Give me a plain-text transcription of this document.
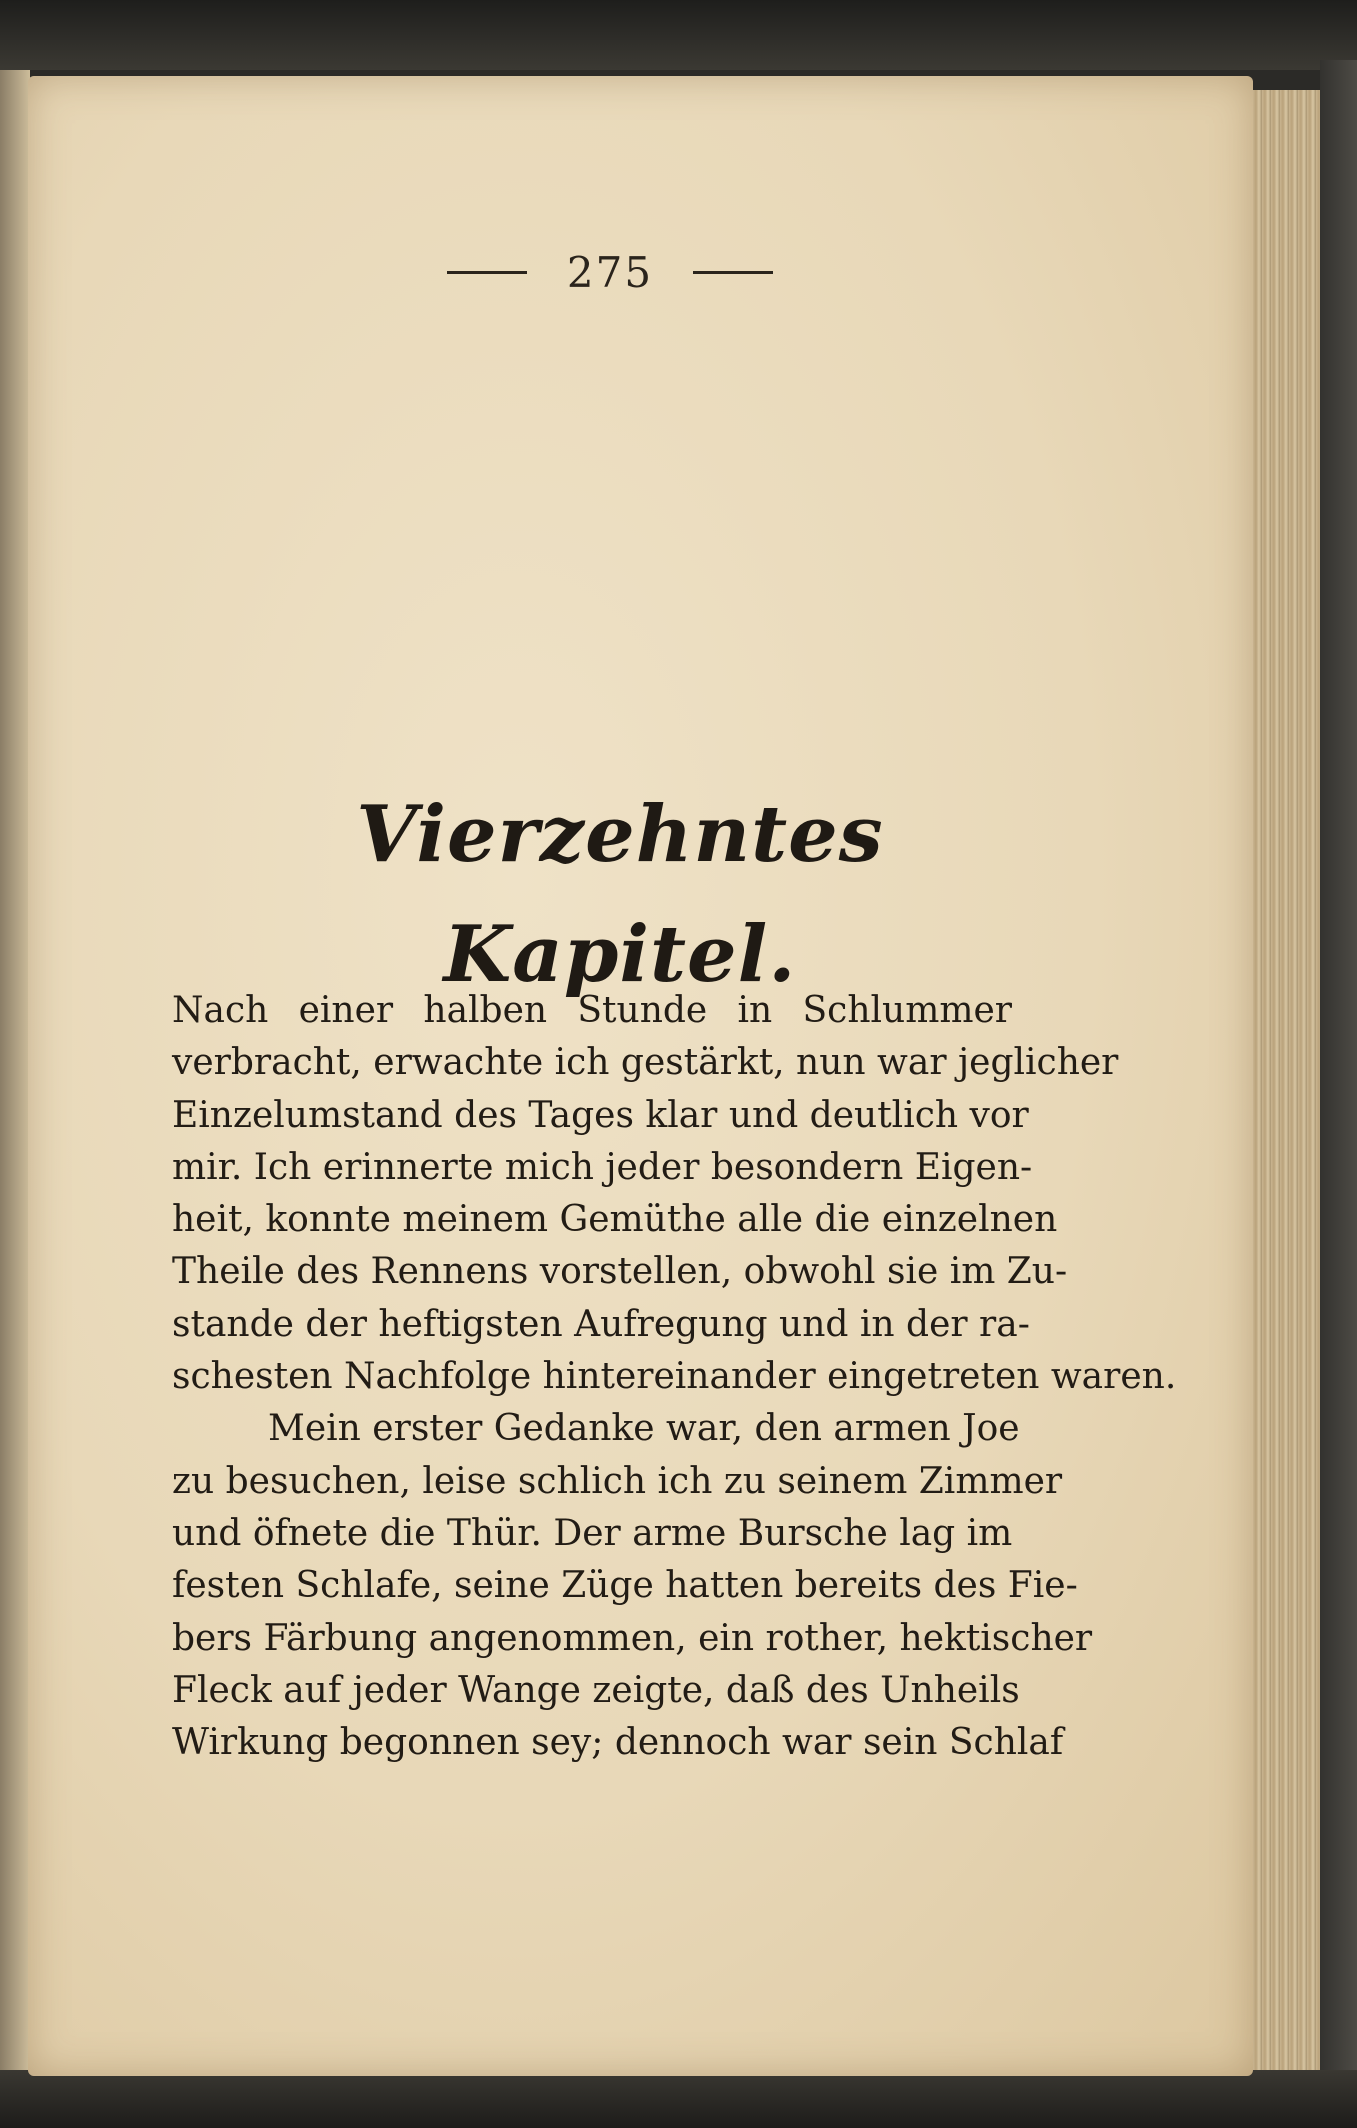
275
Vierzehntes Kapitel.
Nach einer halben Stunde in Schlummer
verbracht, erwachte ich gestärkt, nun war jeglicher
Einzelumstand des Tages klar und deutlich vor
mir. Ich erinnerte mich jeder besondern Eigen-
heit, konnte meinem Gemüthe alle die einzelnen
Theile des Rennens vorstellen, obwohl sie im Zu-
stande der heftigsten Aufregung und in der ra-
schesten Nachfolge hintereinander eingetreten waren.
Mein erster Gedanke war, den armen Joe
zu besuchen, leise schlich ich zu seinem Zimmer
und öfnete die Thür. Der arme Bursche lag im
festen Schlafe, seine Züge hatten bereits des Fie-
bers Färbung angenommen, ein rother, hektischer
Fleck auf jeder Wange zeigte, daß des Unheils
Wirkung begonnen sey; dennoch war sein Schlaf
